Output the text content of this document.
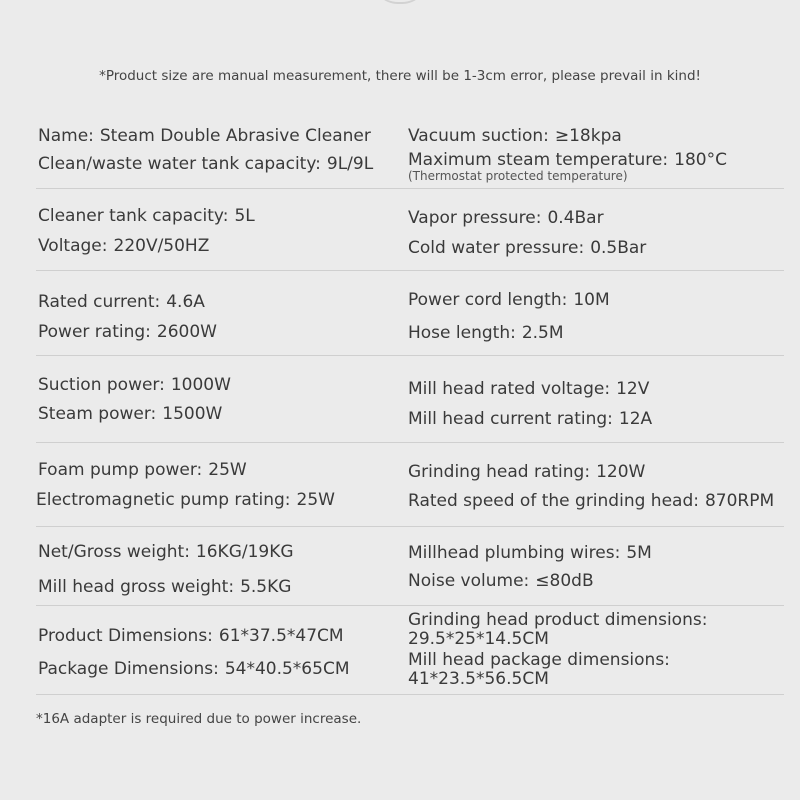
*Product size are manual measurement, there will be 1-3cm error, please prevail in kind!
Name: Steam Double Abrasive Cleaner
Clean/waste water tank capacity: 9L/9L
Vacuum suction: ≥18kpa
Maximum steam temperature: 180°C
(Thermostat protected temperature)
Cleaner tank capacity: 5L
Voltage: 220V/50HZ
Vapor pressure: 0.4Bar
Cold water pressure: 0.5Bar
Rated current: 4.6A
Power rating: 2600W
Power cord length: 10M
Hose length: 2.5M
Suction power: 1000W
Steam power: 1500W
Mill head rated voltage: 12V
Mill head current rating: 12A
Foam pump power: 25W
Electromagnetic pump rating: 25W
Grinding head rating: 120W
Rated speed of the grinding head: 870RPM
Net/Gross weight: 16KG/19KG
Mill head gross weight: 5.5KG
Millhead plumbing wires: 5M
Noise volume: ≤80dB
Product Dimensions: 61*37.5*47CM
Package Dimensions: 54*40.5*65CM
Grinding head product dimensions:
29.5*25*14.5CM
Mill head package dimensions:
41*23.5*56.5CM
*16A adapter is required due to power increase.
